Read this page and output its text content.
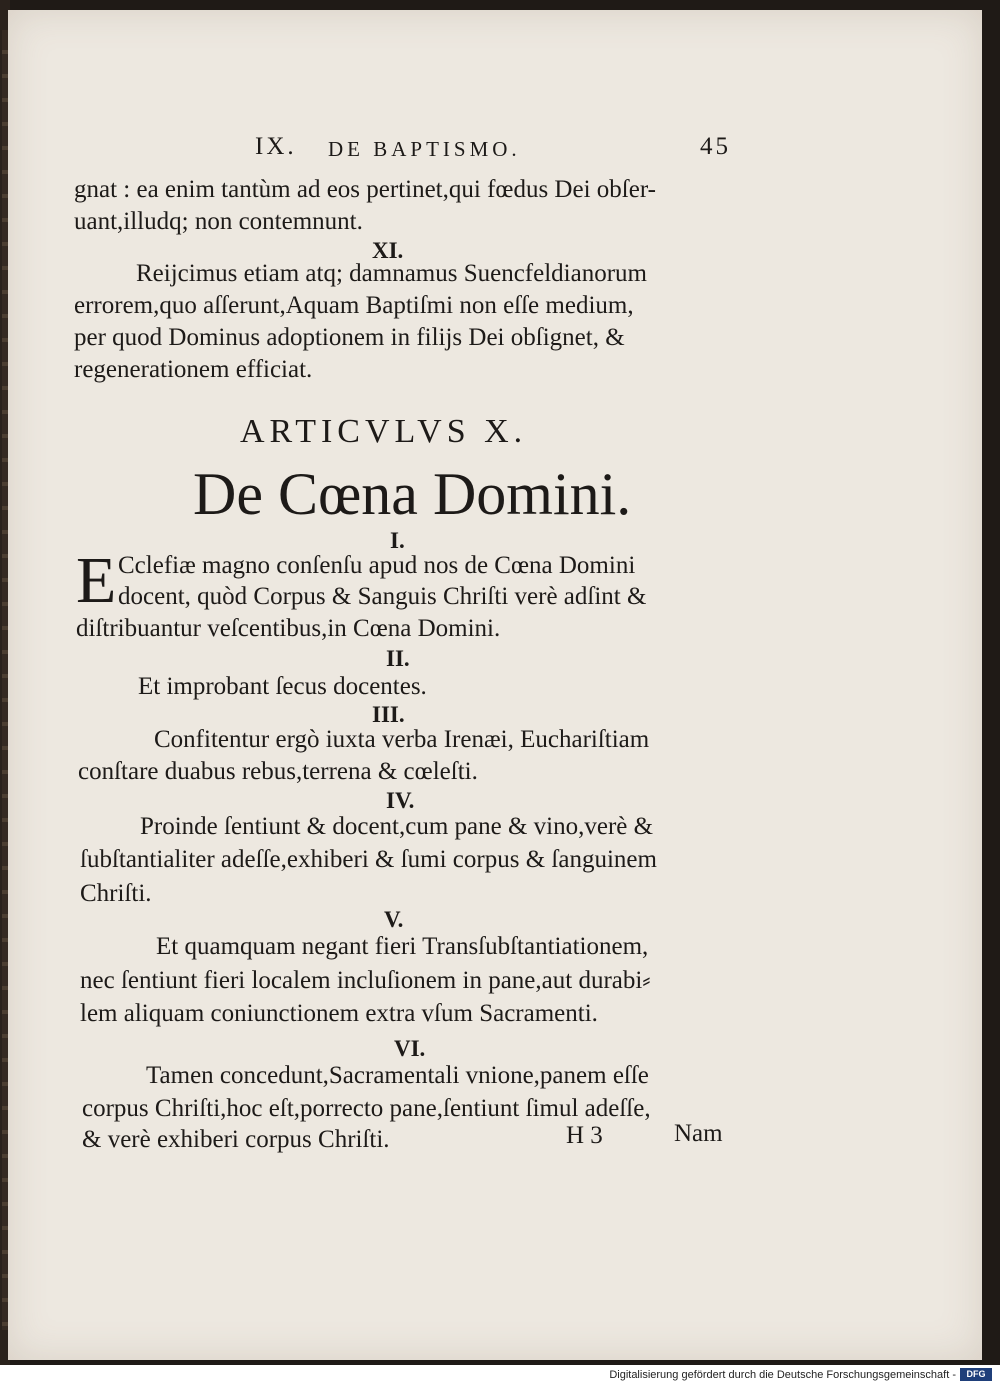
IX. DE BAPTISMO.	45
gnat : ea enim tantùm ad eos pertinet,qui fœdus Dei obſer-
uant,illudq; non contemnunt.
XI.
Reijcimus etiam atq; damnamus Suencfeldianorum
errorem,quo aſſerunt,Aquam Baptiſmi non eſſe medium,
per quod Dominus adoptionem in filijs Dei obſignet, &
regenerationem efficiat.
ARTICVLVS X.
De Cœna Domini.
I.
E Cclefiæ magno conſenſu apud nos de Cœna Domini
docent, quòd Corpus & Sanguis Chriſti verè adſint &
diſtribuantur veſcentibus,in Cœna Domini.
II.
Et improbant ſecus docentes.
III.
Confitentur ergò iuxta verba Irenæi, Euchariſtiam
conſtare duabus rebus,terrena & cœleſti.
IV.
Proinde ſentiunt & docent,cum pane & vino,verè &
ſubſtantialiter adeſſe,exhiberi & ſumi corpus & ſanguinem
Chriſti.
V.
Et quamquam negant fieri Transſubſtantiationem,
nec ſentiunt fieri localem incluſionem in pane,aut durabi⸗
lem aliquam coniunctionem extra vſum Sacramenti.
VI.
Tamen concedunt,Sacramentali vnione,panem eſſe
corpus Chriſti,hoc eſt,porrecto pane,ſentiunt ſimul adeſſe,
& verè exhiberi corpus Chriſti.	H 3	Nam
Digitalisierung gefördert durch die Deutsche Forschungsgemeinschaft -	DFG
